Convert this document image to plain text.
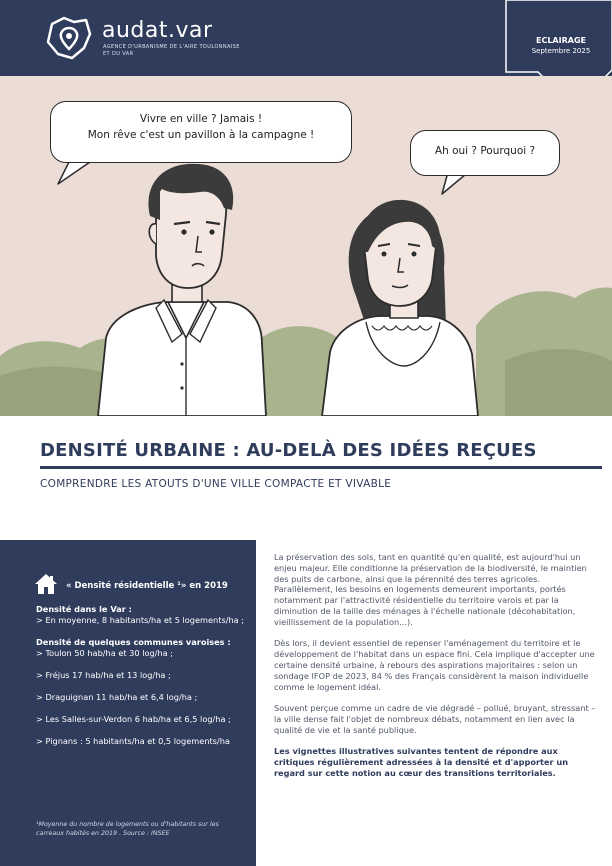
audat.var
AGENCE D'URBANISME DE L'AIRE TOULONNAISE ET DU VAR
ECLAIRAGE
Septembre 2025
Vivre en ville ? Jamais !
Mon rêve c'est un pavillon à la campagne !
Ah oui ? Pourquoi ?
DENSITÉ URBAINE : AU-DELÀ DES IDÉES REÇUES
COMPRENDRE LES ATOUTS D'UNE VILLE COMPACTE ET VIVABLE
« Densité résidentielle ¹» en 2019
Densité dans le Var :
> En moyenne, 8 habitants/ha et 5 logements/ha ;
Densité de quelques communes varoises :
> Toulon 50 hab/ha et 30 log/ha ;
> Fréjus 17 hab/ha et 13 log/ha ;
> Draguignan 11 hab/ha et 6,4 log/ha ;
> Les Salles-sur-Verdon 6 hab/ha et 6,5 log/ha ;
> Pignans : 5 habitants/ha et 0,5 logements/ha
¹Moyenne du nombre de logements ou d'habitants sur les carreaux habités en 2019 . Source : INSEE

La préservation des sols, tant en quantité qu'en qualité, est aujourd'hui un enjeu majeur. Elle conditionne la préservation de la biodiversité, le maintien des puits de carbone, ainsi que la pérennité des terres agricoles. Parallèlement, les besoins en logements demeurent importants, portés notamment par l'attractivité résidentielle du territoire varois et par la diminution de la taille des ménages à l'échelle nationale (décohabitation, vieillissement de la population...).

Dès lors, il devient essentiel de repenser l'aménagement du territoire et le développement de l'habitat dans un espace fini. Cela implique d'accepter une certaine densité urbaine, à rebours des aspirations majoritaires : selon un sondage IFOP de 2023, 84 % des Français considèrent la maison individuelle comme le logement idéal.

Souvent perçue comme un cadre de vie dégradé – pollué, bruyant, stressant – la ville dense fait l'objet de nombreux débats, notamment en lien avec la qualité de vie et la santé publique.

Les vignettes illustratives suivantes tentent de répondre aux critiques régulièrement adressées à la densité et d'apporter un regard sur cette notion au cœur des transitions territoriales.
